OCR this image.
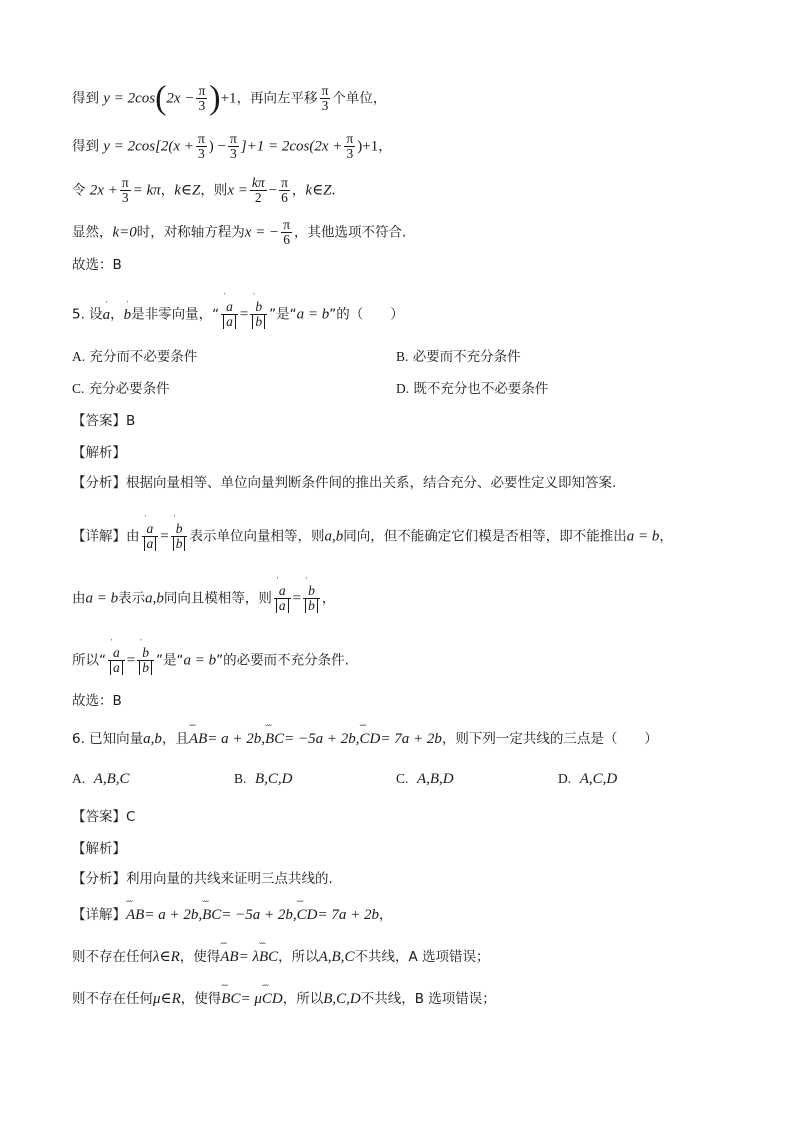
得到 $y = 2\cos(2x - \frac{\pi}{3} )+1$，再向左平移 $\frac{\pi}{3}$ 个单位，
得到 $y = 2\cos[2(x + \frac{\pi}{3}$ ) − $\frac{\pi}{3} ]+1 = 2\cos(2x + \frac{\pi}{3} )+1$，
令 $2x + \frac{\pi}{3} = k\pi$，k∈Z，则$x = \frac{k\pi}{2} - \frac{\pi}{6}$ ，k∈Z.
显然，k=0时，对称轴方程为x = − $\frac{\pi}{6}$ ，其他选项不符合.
故选：B
5. 设ˈ a，ˈ b是非零向量，“ ˈ $\frac{a}{a}$ = ˈ $\frac{b}{b}$ ”是“a = b”的（　　）
A. 充分而不必要条件	B. 必要而不充分条件
C. 充分必要条件	D. 既不充分也不必要条件
【答案】B
【解析】
【分析】根据向量相等、单位向量判断条件间的推出关系，结合充分、必要性定义即知答案.
【详解】由 ˈ $\frac{a}{a}$ = ˈ $\frac{b}{b}$ 表示单位向量相等，则a,b同向，但不能确定它们模是否相等，即不能推出a = b，
由a = b表示a,b同向且模相等，则 ˈ $\frac{a}{a}$ = ˈ $\frac{b}{b}$ ，
所以“ ˈ $\frac{a}{a}$ = ˈ $\frac{b}{b}$ ”是“a = b”的必要而不充分条件.
故选：B
6. 已知向量a,b，且˘˘˘ AB= a + 2b,˘˘˘ BC= −5a + 2b,˘˘˘ CD= 7a + 2b，则下列一定共线的三点是（　　）
A. A,B,C	B. B,C,D	C. A,B,D	D. A,C,D
【答案】C
【解析】
【分析】利用向量的共线来证明三点共线的.
【详解】˘˘˘ AB= a + 2b,˘˘˘ BC= −5a + 2b,˘˘˘ CD= 7a + 2b，
则不存在任何λ∈R，使得˘˘˘ AB= λ˘˘˘ BC，所以A,B,C不共线，A 选项错误；
则不存在任何μ∈R，使得˘˘˘ BC= μ˘˘˘ CD，所以B,C,D不共线，B 选项错误；
